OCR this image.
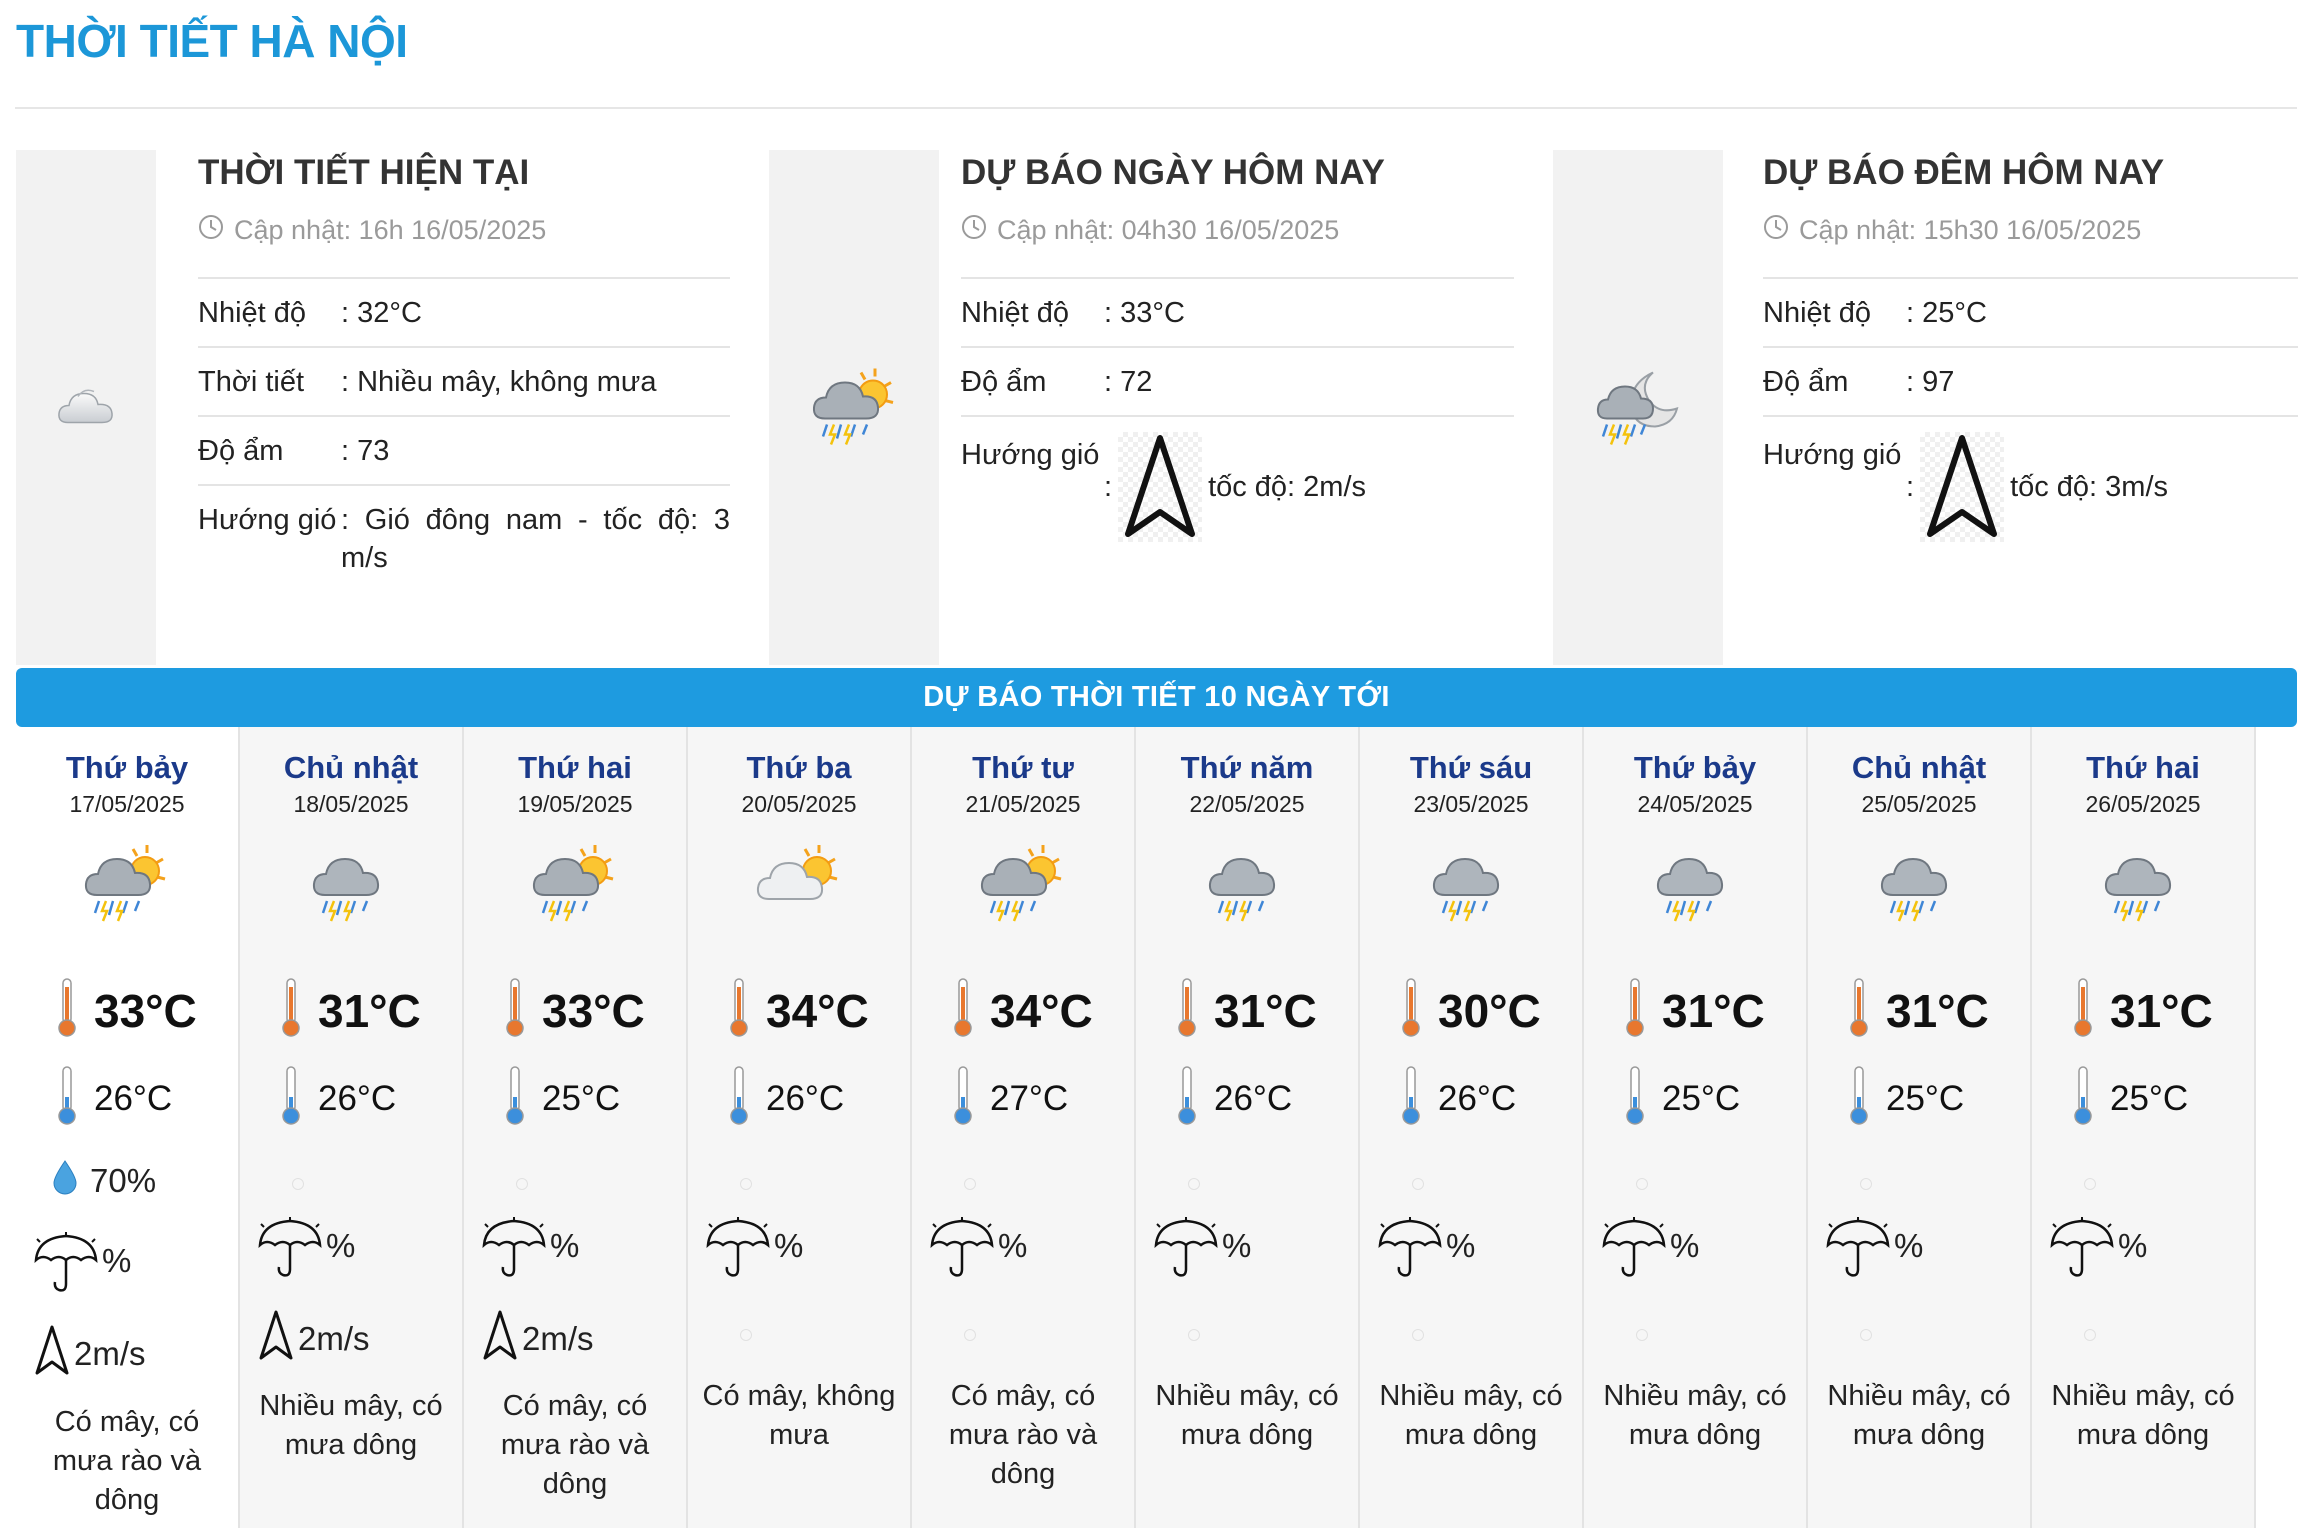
THỜI TIẾT HÀ NỘI
THỜI TIẾT HIỆN TẠI
Cập nhật: 16h 16/05/2025
Nhiệt độ	: 32°C
Thời tiết	: Nhiều mây, không mưa
Độ ẩm	: 73
Hướng gió : Gió đông nam - tốc độ: 3 m/s
DỰ BÁO NGÀY HÔM NAY
Cập nhật: 04h30 16/05/2025
Nhiệt độ	: 33°C
Độ ẩm	: 72
Hướng gió
:	tốc độ: 2m/s
DỰ BÁO ĐÊM HÔM NAY
Cập nhật: 15h30 16/05/2025
Nhiệt độ	: 25°C
Độ ẩm	: 97
Hướng gió
:	tốc độ: 3m/s
DỰ BÁO THỜI TIẾT 10 NGÀY TỚI
Thứ bảy
17/05/2025
33°C
26°C
70%
%
2m/s
Có mây, có mưa rào và dông
Chủ nhật
18/05/2025
31°C
26°C
%
2m/s
Nhiều mây, có mưa dông
Thứ hai
19/05/2025
33°C
25°C
%
2m/s
Có mây, có mưa rào và dông
Thứ ba
20/05/2025
34°C
26°C
%
Có mây, không mưa
Thứ tư
21/05/2025
34°C
27°C
%
Có mây, có mưa rào và dông
Thứ năm
22/05/2025
31°C
26°C
%
Nhiều mây, có mưa dông
Thứ sáu
23/05/2025
30°C
26°C
%
Nhiều mây, có mưa dông
Thứ bảy
24/05/2025
31°C
25°C
%
Nhiều mây, có mưa dông
Chủ nhật
25/05/2025
31°C
25°C
%
Nhiều mây, có mưa dông
Thứ hai
26/05/2025
31°C
25°C
%
Nhiều mây, có mưa dông
